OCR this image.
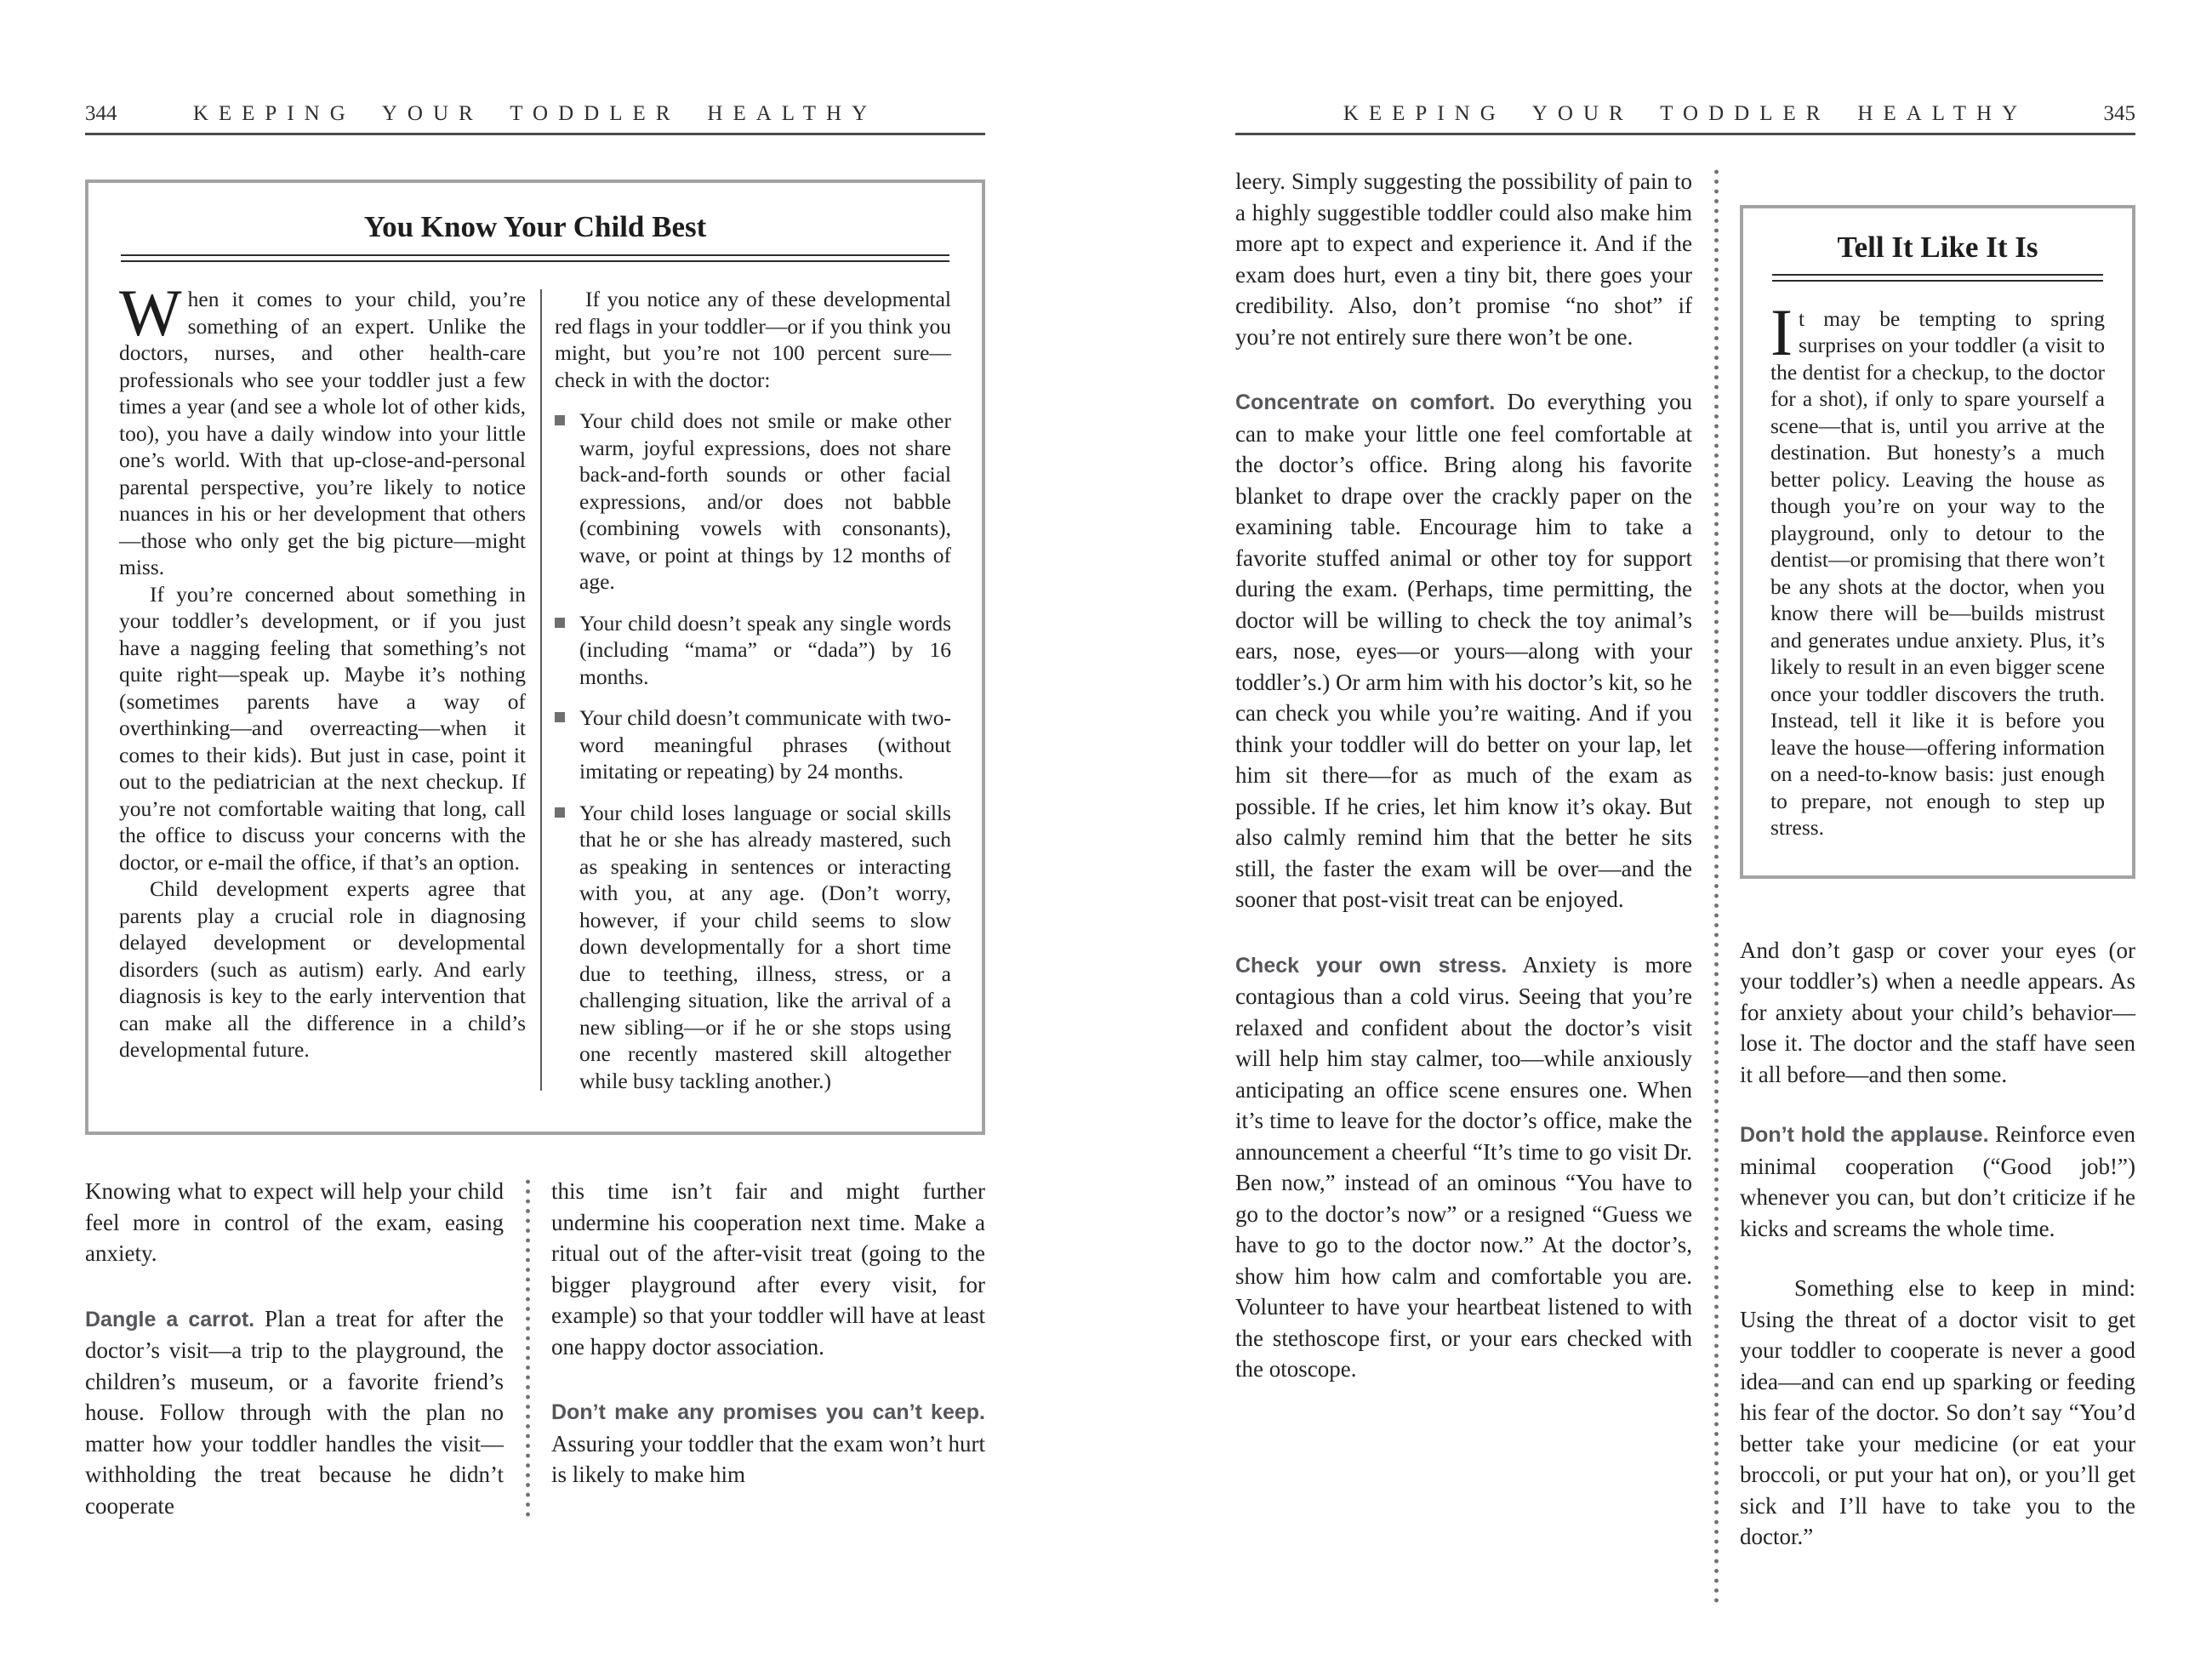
344	KEEPING YOUR TODDLER HEALTHY
You Know Your Child Best

When it comes to your child, you’re something of an expert. Unlike the doctors, nurses, and other health-care professionals who see your toddler just a few times a year (and see a whole lot of other kids, too), you have a daily window into your little one’s world. With that up-close-and-personal parental perspective, you’re likely to notice nuances in his or her development that others—those who only get the big picture—might miss.

If you’re concerned about something in your toddler’s development, or if you just have a nagging feeling that something’s not quite right—speak up. Maybe it’s nothing (sometimes parents have a way of overthinking—and overreacting—when it comes to their kids). But just in case, point it out to the pediatrician at the next checkup. If you’re not comfortable waiting that long, call the office to discuss your concerns with the doctor, or e-mail the office, if that’s an option.

Child development experts agree that parents play a crucial role in diagnosing delayed development or developmental disorders (such as autism) early. And early diagnosis is key to the early intervention that can make all the difference in a child’s developmental future.

If you notice any of these developmental red flags in your toddler—or if you think you might, but you’re not 100 percent sure—check in with the doctor:

Your child does not smile or make other warm, joyful expressions, does not share back-and-forth sounds or other facial expressions, and/or does not babble (combining vowels with consonants), wave, or point at things by 12 months of age.
Your child doesn’t speak any single words (including “mama” or “dada”) by 16 months.
Your child doesn’t communicate with two-word meaningful phrases (without imitating or repeating) by 24 months.
Your child loses language or social skills that he or she has already mastered, such as speaking in sentences or interacting with you, at any age. (Don’t worry, however, if your child seems to slow down developmentally for a short time due to teething, illness, stress, or a challenging situation, like the arrival of a new sibling—or if he or she stops using one recently mastered skill altogether while busy tackling another.)

Knowing what to expect will help your child feel more in control of the exam, easing anxiety.

Dangle a carrot. Plan a treat for after the doctor’s visit—a trip to the playground, the children’s museum, or a favorite friend’s house. Follow through with the plan no matter how your toddler handles the visit—withholding the treat because he didn’t cooperate

this time isn’t fair and might further undermine his cooperation next time. Make a ritual out of the after-visit treat (going to the bigger playground after every visit, for example) so that your toddler will have at least one happy doctor association.

Don’t make any promises you can’t keep. Assuring your toddler that the exam won’t hurt is likely to make him

KEEPING YOUR TODDLER HEALTHY	345

leery. Simply suggesting the possibility of pain to a highly suggestible toddler could also make him more apt to expect and experience it. And if the exam does hurt, even a tiny bit, there goes your credibility. Also, don’t promise “no shot” if you’re not entirely sure there won’t be one.

Concentrate on comfort. Do everything you can to make your little one feel comfortable at the doctor’s office. Bring along his favorite blanket to drape over the crackly paper on the examining table. Encourage him to take a favorite stuffed animal or other toy for support during the exam. (Perhaps, time permitting, the doctor will be willing to check the toy animal’s ears, nose, eyes—or yours—along with your toddler’s.) Or arm him with his doctor’s kit, so he can check you while you’re waiting. And if you think your toddler will do better on your lap, let him sit there—for as much of the exam as possible. If he cries, let him know it’s okay. But also calmly remind him that the better he sits still, the faster the exam will be over—and the sooner that post-visit treat can be enjoyed.

Check your own stress. Anxiety is more contagious than a cold virus. Seeing that you’re relaxed and confident about the doctor’s visit will help him stay calmer, too—while anxiously anticipating an office scene ensures one. When it’s time to leave for the doctor’s office, make the announcement a cheerful “It’s time to go visit Dr. Ben now,” instead of an ominous “You have to go to the doctor’s now” or a resigned “Guess we have to go to the doctor now.” At the doctor’s, show him how calm and comfortable you are. Volunteer to have your heartbeat listened to with the stethoscope first, or your ears checked with the otoscope.

Tell It Like It Is

It may be tempting to spring surprises on your toddler (a visit to the dentist for a checkup, to the doctor for a shot), if only to spare yourself a scene—that is, until you arrive at the destination. But honesty’s a much better policy. Leaving the house as though you’re on your way to the playground, only to detour to the dentist—or promising that there won’t be any shots at the doctor, when you know there will be—builds mistrust and generates undue anxiety. Plus, it’s likely to result in an even bigger scene once your toddler discovers the truth. Instead, tell it like it is before you leave the house—offering information on a need-to-know basis: just enough to prepare, not enough to step up stress.

And don’t gasp or cover your eyes (or your toddler’s) when a needle appears. As for anxiety about your child’s behavior—lose it. The doctor and the staff have seen it all before—and then some.

Don’t hold the applause. Reinforce even minimal cooperation (“Good job!”) whenever you can, but don’t criticize if he kicks and screams the whole time.

Something else to keep in mind: Using the threat of a doctor visit to get your toddler to cooperate is never a good idea—and can end up sparking or feeding his fear of the doctor. So don’t say “You’d better take your medicine (or eat your broccoli, or put your hat on), or you’ll get sick and I’ll have to take you to the doctor.”
